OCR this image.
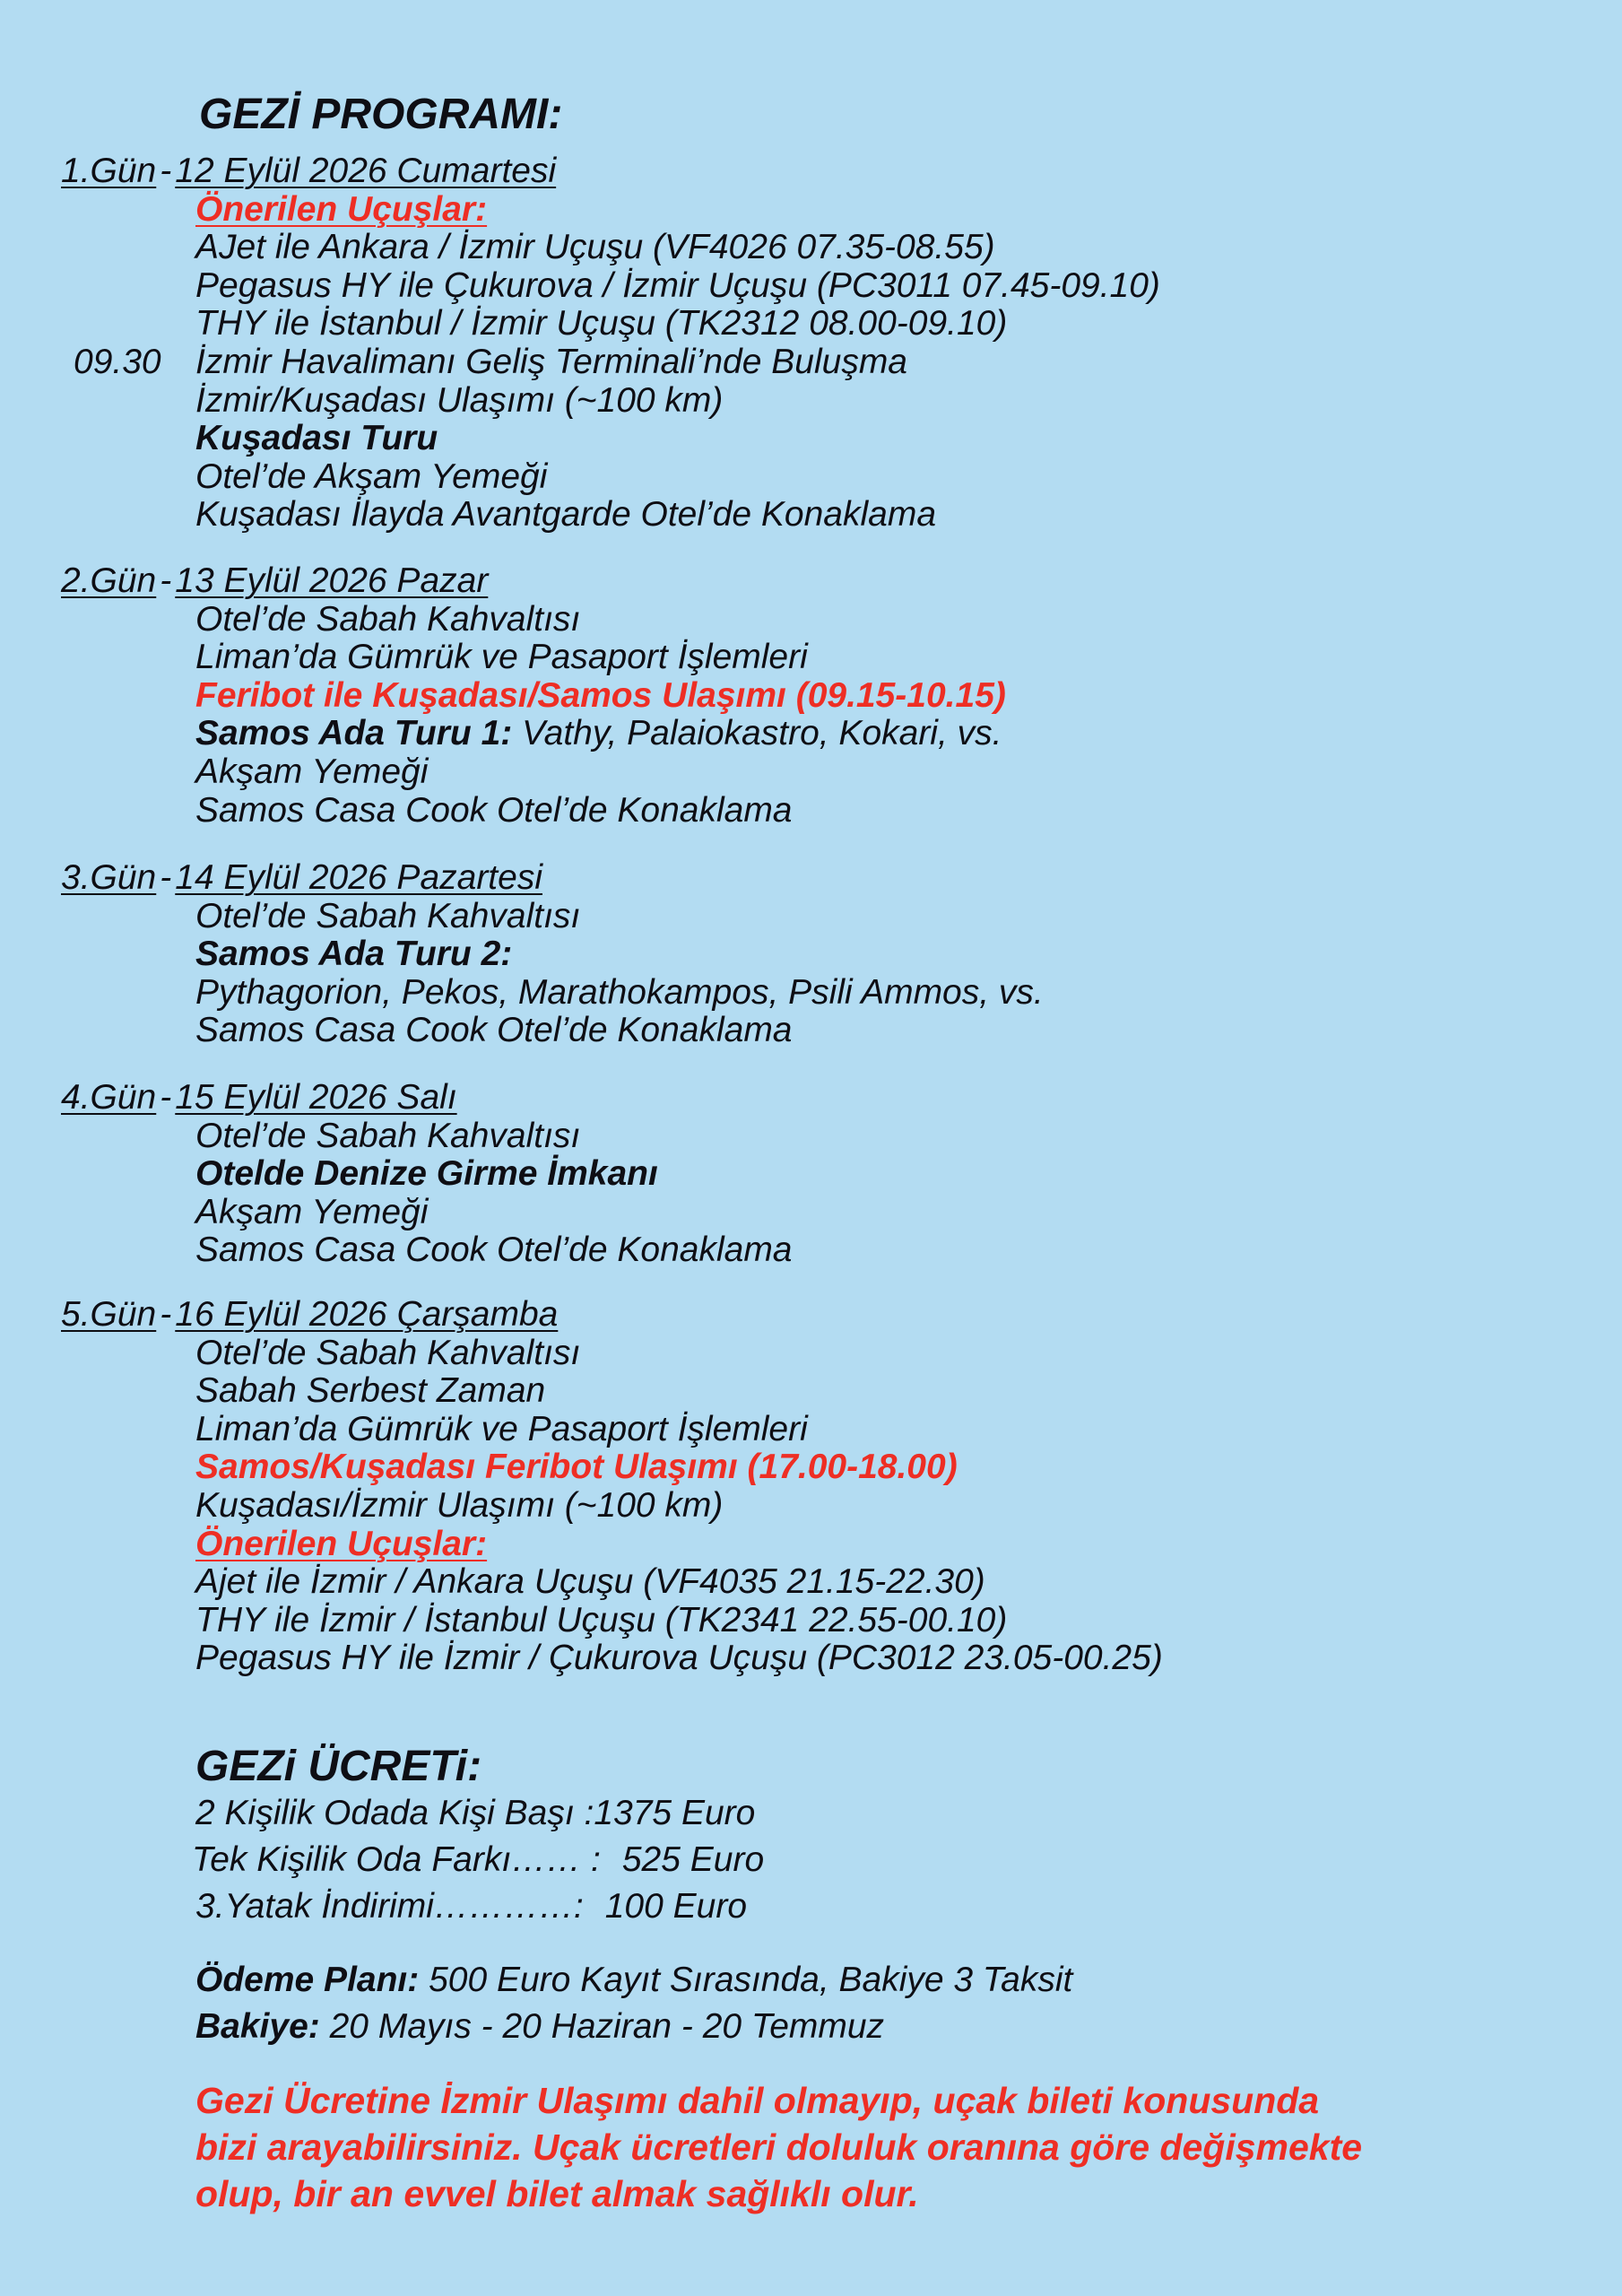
GEZİ PROGRAMI:
1.Gün - 12 Eylül 2026 Cumartesi
Önerilen Uçuşlar:
AJet ile Ankara / İzmir Uçuşu (VF4026 07.35-08.55)
Pegasus HY ile Çukurova / İzmir Uçuşu (PC3011 07.45-09.10)
THY ile İstanbul / İzmir Uçuşu (TK2312 08.00-09.10)
09.30 İzmir Havalimanı Geliş Terminali’nde Buluşma
İzmir/Kuşadası Ulaşımı (~100 km)
Kuşadası Turu
Otel’de Akşam Yemeği
Kuşadası İlayda Avantgarde Otel’de Konaklama
2.Gün - 13 Eylül 2026 Pazar
Otel’de Sabah Kahvaltısı
Liman’da Gümrük ve Pasaport İşlemleri
Feribot ile Kuşadası/Samos Ulaşımı (09.15-10.15)
Samos Ada Turu 1: Vathy, Palaiokastro, Kokari, vs.
Akşam Yemeği
Samos Casa Cook Otel’de Konaklama
3.Gün - 14 Eylül 2026 Pazartesi
Otel’de Sabah Kahvaltısı
Samos Ada Turu 2:
Pythagorion, Pekos, Marathokampos, Psili Ammos, vs.
Samos Casa Cook Otel’de Konaklama
4.Gün - 15 Eylül 2026 Salı
Otel’de Sabah Kahvaltısı
Otelde Denize Girme İmkanı
Akşam Yemeği
Samos Casa Cook Otel’de Konaklama
5.Gün - 16 Eylül 2026 Çarşamba
Otel’de Sabah Kahvaltısı
Sabah Serbest Zaman
Liman’da Gümrük ve Pasaport İşlemleri
Samos/Kuşadası Feribot Ulaşımı (17.00-18.00)
Kuşadası/İzmir Ulaşımı (~100 km)
Önerilen Uçuşlar:
Ajet ile İzmir / Ankara Uçuşu (VF4035 21.15-22.30)
THY ile İzmir / İstanbul Uçuşu (TK2341 22.55-00.10)
Pegasus HY ile İzmir / Çukurova Uçuşu (PC3012 23.05-00.25)
GEZi ÜCRETi:
2 Kişilik Odada Kişi Başı :1375 Euro
Tek Kişilik Oda Farkı…… : 525 Euro
3.Yatak İndirimi…………: 100 Euro
Ödeme Planı: 500 Euro Kayıt Sırasında, Bakiye 3 Taksit
Bakiye: 20 Mayıs - 20 Haziran - 20 Temmuz

Gezi Ücretine İzmir Ulaşımı dahil olmayıp, uçak bileti konusunda
bizi arayabilirsiniz. Uçak ücretleri doluluk oranına göre değişmekte
olup, bir an evvel bilet almak sağlıklı olur.
